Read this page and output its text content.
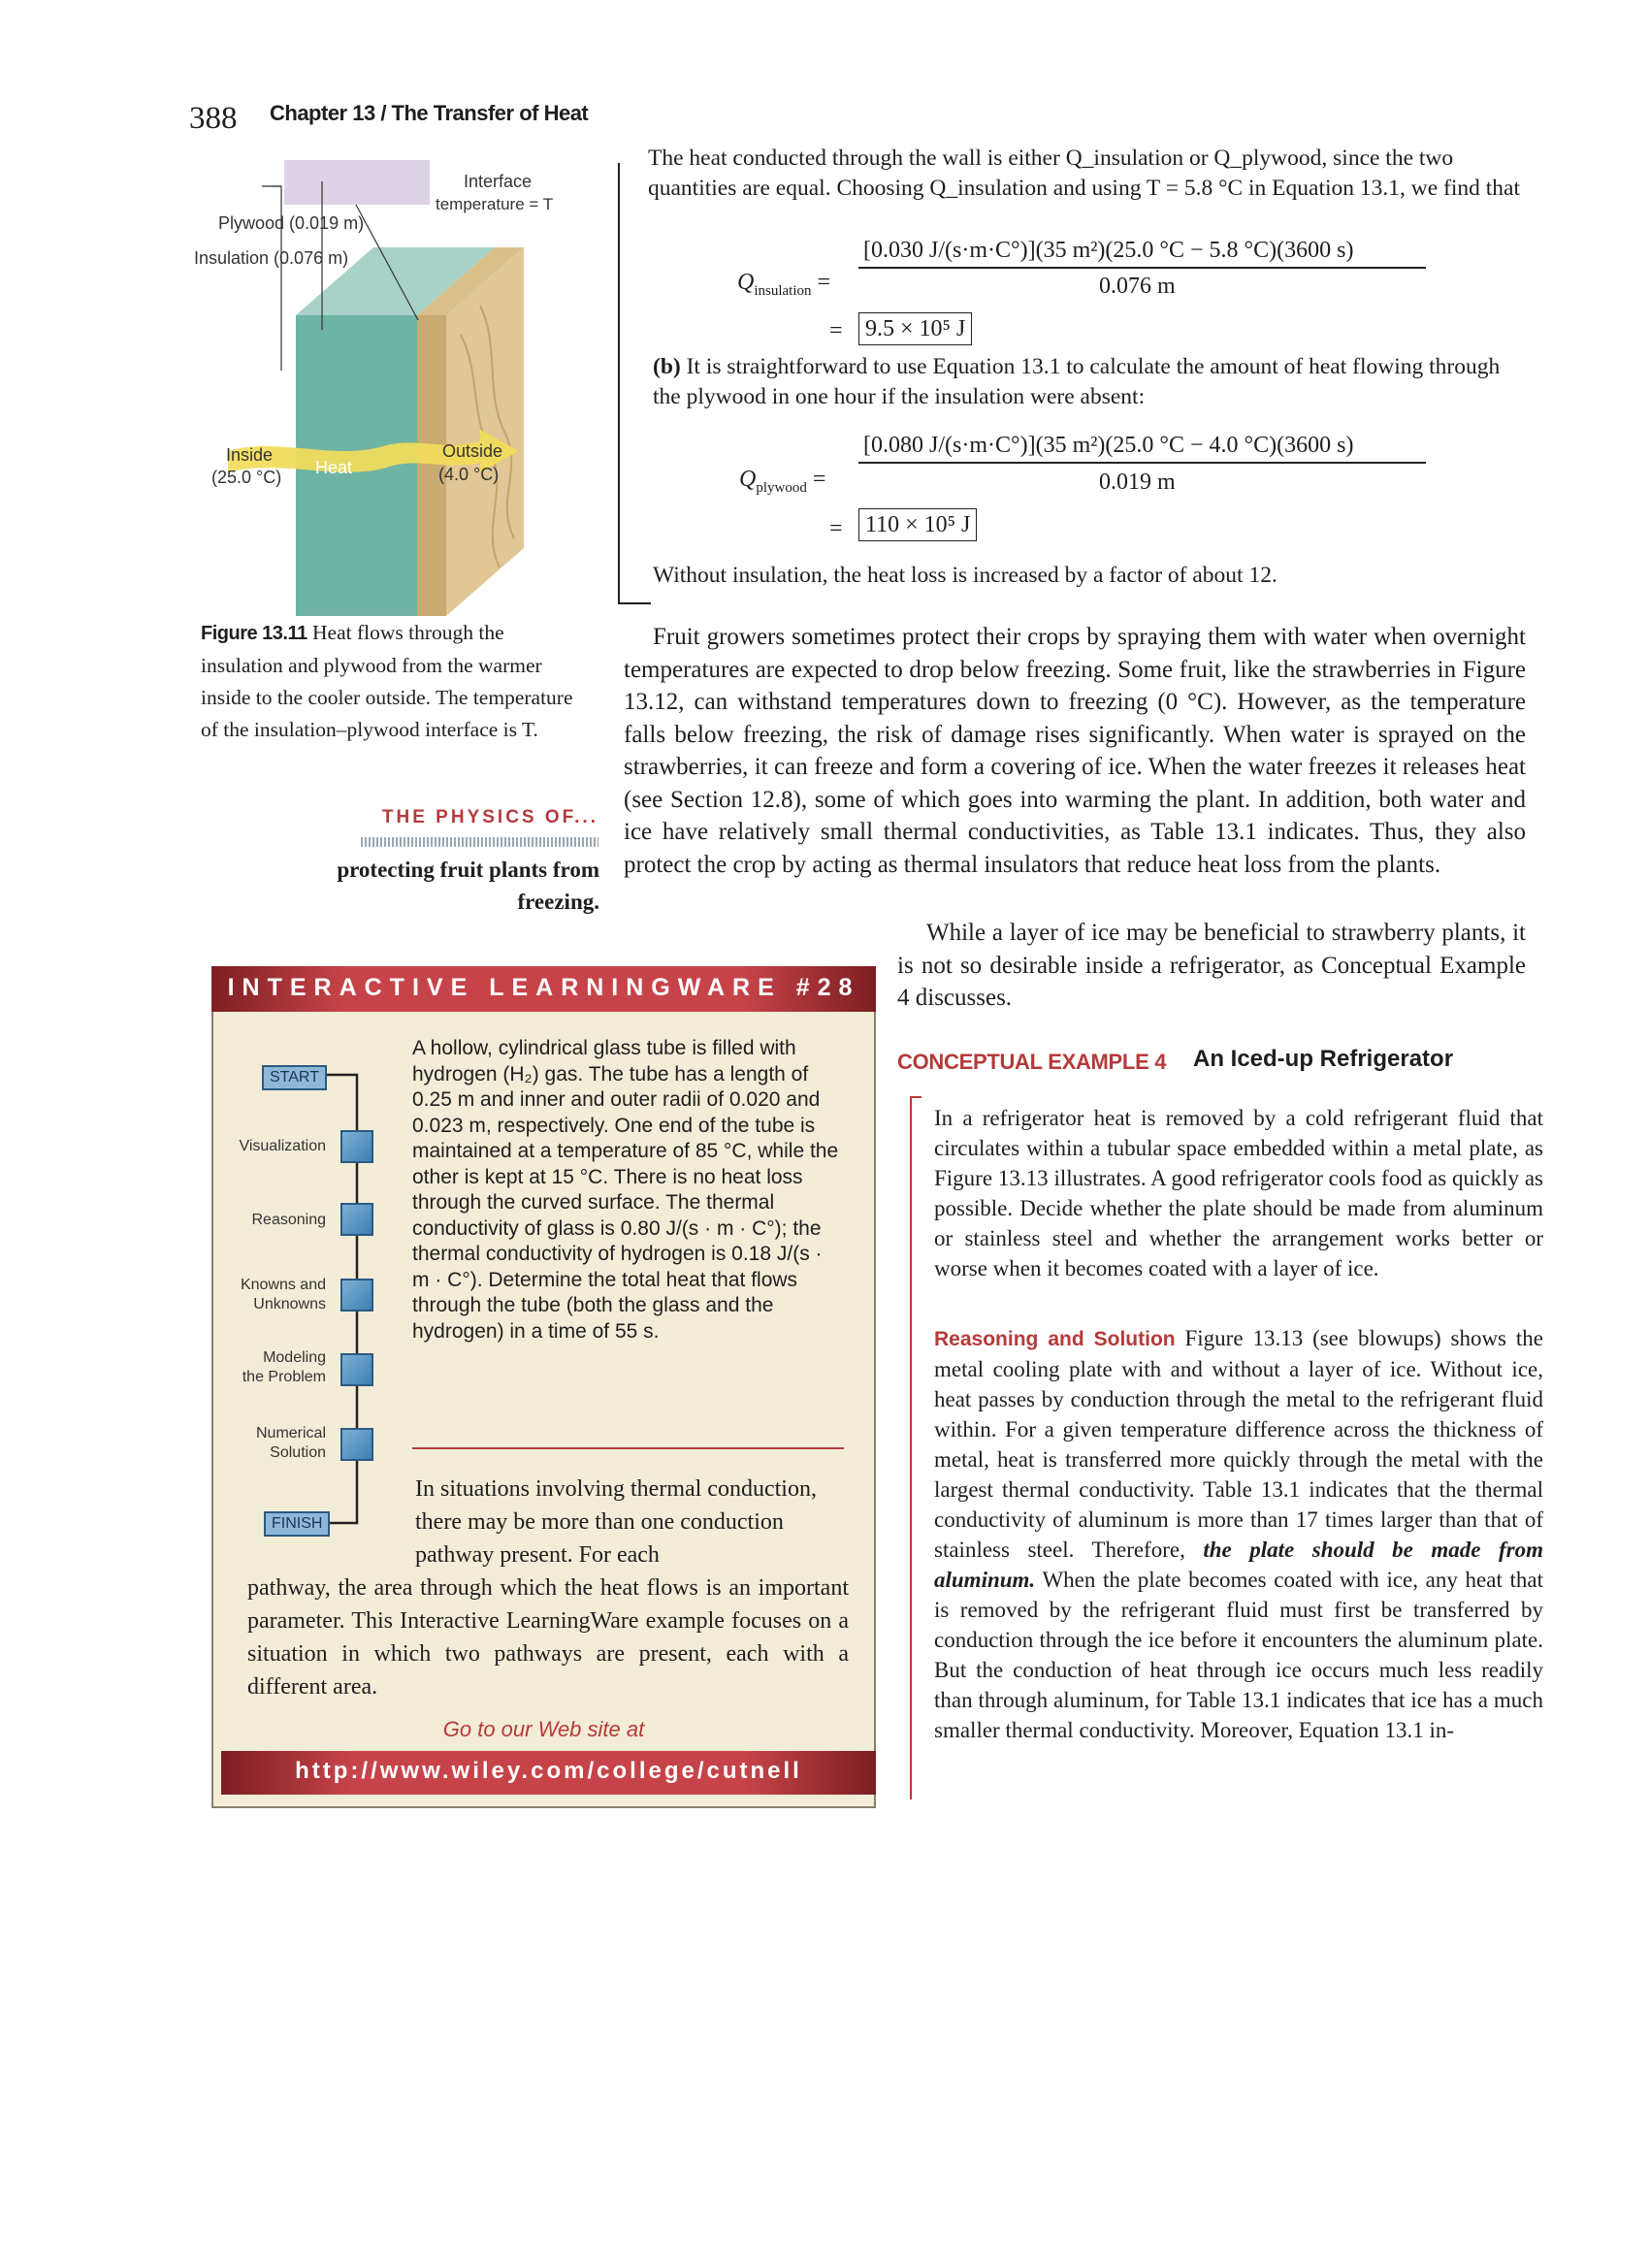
388 Chapter 13 / The Transfer of Heat
Interface
temperature = T
Plywood (0.019 m)
Insulation (0.076 m)
Inside
(25.0 °C) Heat
Outside
(4.0 °C)
Figure 13.11 Heat flows through the insulation and plywood from the warmer inside to the cooler outside. The temperature of the insulation–plywood interface is T.
THE PHYSICS OF...
protecting fruit plants from
freezing.
The heat conducted through the wall is either Q_insulation or Q_plywood, since the two quantities are equal. Choosing Q_insulation and using T = 5.8 °C in Equation 13.1, we find that
$Q_{insulation}$ =
[0.030 J/(s·m·C°)](35 m²)(25.0 °C − 5.8 °C)(3600 s)
0.076 m
= 9.5 × 10⁵ J
(b) It is straightforward to use Equation 13.1 to calculate the amount of heat flowing through the plywood in one hour if the insulation were absent:
$Q_{plywood}$ =
[0.080 J/(s·m·C°)](35 m²)(25.0 °C − 4.0 °C)(3600 s)
0.019 m
= 110 × 10⁵ J
Without insulation, the heat loss is increased by a factor of about 12.
Fruit growers sometimes protect their crops by spraying them with water when overnight temperatures are expected to drop below freezing. Some fruit, like the strawberries in Figure 13.12, can withstand temperatures down to freezing (0 °C). However, as the temperature falls below freezing, the risk of damage rises significantly. When water is sprayed on the strawberries, it can freeze and form a covering of ice. When the water freezes it releases heat (see Section 12.8), some of which goes into warming the plant. In addition, both water and ice have relatively small thermal conductivities, as Table 13.1 indicates. Thus, they also protect the crop by acting as thermal insulators that reduce heat loss from the plants.
While a layer of ice may be beneficial to strawberry plants, it is not so desirable inside a refrigerator, as Conceptual Example 4 discusses.
CONCEPTUAL EXAMPLE 4 An Iced-up Refrigerator
In a refrigerator heat is removed by a cold refrigerant fluid that circulates within a tubular space embedded within a metal plate, as Figure 13.13 illustrates. A good refrigerator cools food as quickly as possible. Decide whether the plate should be made from aluminum or stainless steel and whether the arrangement works better or worse when it becomes coated with a layer of ice.
Reasoning and Solution Figure 13.13 (see blowups) shows the metal cooling plate with and without a layer of ice. Without ice, heat passes by conduction through the metal to the refrigerant fluid within. For a given temperature difference across the thickness of metal, heat is transferred more quickly through the metal with the largest thermal conductivity. Table 13.1 indicates that the thermal conductivity of aluminum is more than 17 times larger than that of stainless steel. Therefore, the plate should be made from aluminum. When the plate becomes coated with ice, any heat that is removed by the refrigerant fluid must first be transferred by conduction through the ice before it encounters the aluminum plate. But the conduction of heat through ice occurs much less readily than through aluminum, for Table 13.1 indicates that ice has a much smaller thermal conductivity. Moreover, Equation 13.1 in-
INTERACTIVE LEARNINGWARE #28
START
Visualization
Reasoning
Knowns and
Unknowns
Modeling
the Problem
Numerical
Solution
FINISH
A hollow, cylindrical glass tube is filled with hydrogen (H₂) gas. The tube has a length of 0.25 m and inner and outer radii of 0.020 and 0.023 m, respectively. One end of the tube is maintained at a temperature of 85 °C, while the other is kept at 15 °C. There is no heat loss through the curved surface. The thermal conductivity of glass is 0.80 J/(s · m · C°); the thermal conductivity of hydrogen is 0.18 J/(s · m · C°). Determine the total heat that flows through the tube (both the glass and the hydrogen) in a time of 55 s.
In situations involving thermal conduction, there may be more than one conduction pathway present. For each
pathway, the area through which the heat flows is an important parameter. This Interactive LearningWare example focuses on a situation in which two pathways are present, each with a different area.
Go to our Web site at
http://www.wiley.com/college/cutnell
